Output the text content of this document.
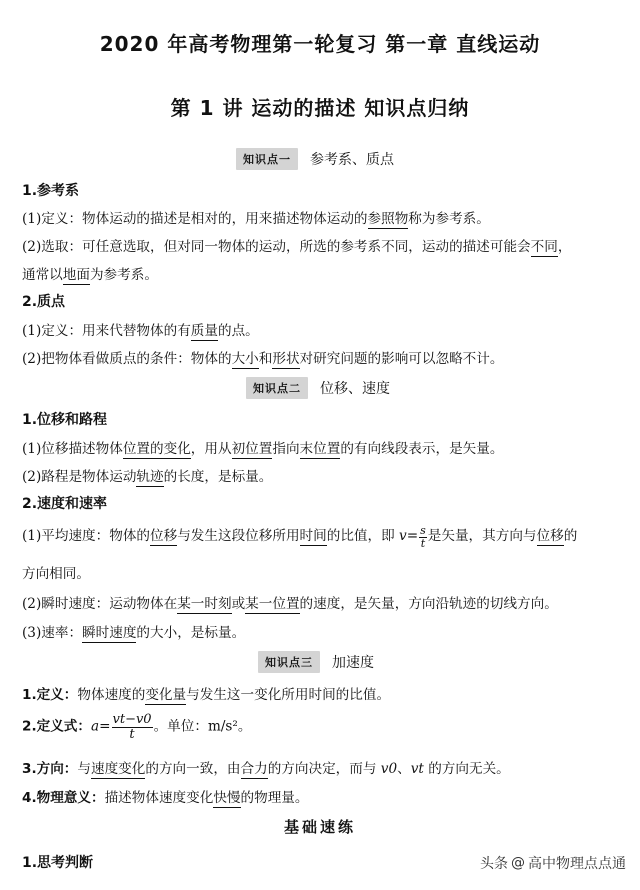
2020 年高考物理第一轮复习 第一章 直线运动
第 1 讲 运动的描述 知识点归纳
知识点一	参考系、质点
1.参考系
(1)定义：物体运动的描述是相对的，用来描述物体运动的参照物称为参考系。
(2)选取：可任意选取，但对同一物体的运动，所选的参考系不同，运动的描述可能会不同，
通常以地面为参考系。
2.质点
(1)定义：用来代替物体的有质量的点。
(2)把物体看做质点的条件：物体的大小和形状对研究问题的影响可以忽略不计。
知识点二	位移、速度
1.位移和路程
(1)位移描述物体位置的变化，用从初位置指向末位置的有向线段表示，是矢量。
(2)路程是物体运动轨迹的长度，是标量。
2.速度和速率
(1)平均速度：物体的位移与发生这段位移所用时间的比值，即 $v= \frac{s}{t}$ 是矢量，其方向与位移的
方向相同。
(2)瞬时速度：运动物体在某一时刻或某一位置的速度，是矢量，方向沿轨迹的切线方向。
(3)速率：瞬时速度的大小，是标量。
知识点三	加速度
1.定义：物体速度的变化量与发生这一变化所用时间的比值。
2.定义式：$a= \frac{vt-v0}{t}$ 。单位：m/s²。
3.方向：与速度变化的方向一致，由合力的方向决定，而与 v0、vt 的方向无关。
4.物理意义：描述物体速度变化快慢的物理量。
基础速练
1.思考判断	头条 @ 高中物理点点通
